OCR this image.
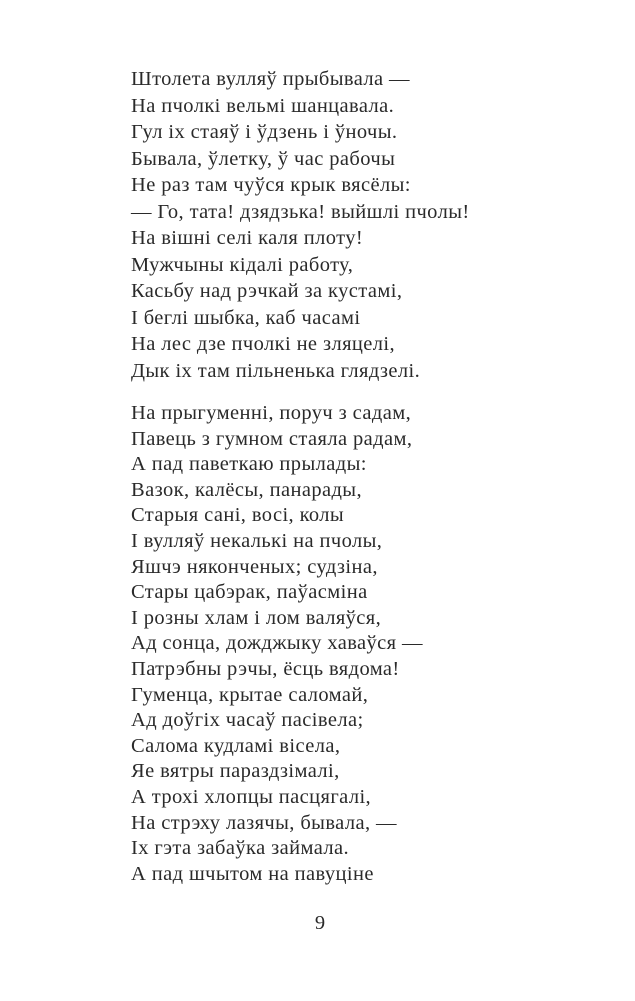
Штолета вулляў прыбывала —
На пчолкі вельмі шанцавала.
Гул іх стаяў і ўдзень і ўночы.
Бывала, ўлетку, ў час рабочы
Не раз там чуўся крык вясёлы:
— Го, тата! дзядзька! выйшлі пчолы!
На вішні селі каля плоту!
Мужчыны кідалі работу,
Касьбу над рэчкай за кустамі,
І беглі шыбка, каб часамі
На лес дзе пчолкі не зляцелі,
Дык іх там пільненька глядзелі.
На прыгуменні, поруч з садам,
Павець з гумном стаяла радам,
А пад паветкаю прылады:
Вазок, калёсы, панарады,
Старыя сані, восі, колы
І вулляў некалькі на пчолы,
Яшчэ няконченых; судзіна,
Стары цабэрак, паўасміна
І розны хлам і лом валяўся,
Ад сонца, дожджыку хаваўся —
Патрэбны рэчы, ёсць вядома!
Гуменца, крытае саломай,
Ад доўгіх часаў пасівела;
Салома кудламі вісела,
Яе вятры параздзімалі,
А трохі хлопцы пасцягалі,
На стрэху лазячы, бывала, —
Іх гэта забаўка займала.
А пад шчытом на павуціне
9
